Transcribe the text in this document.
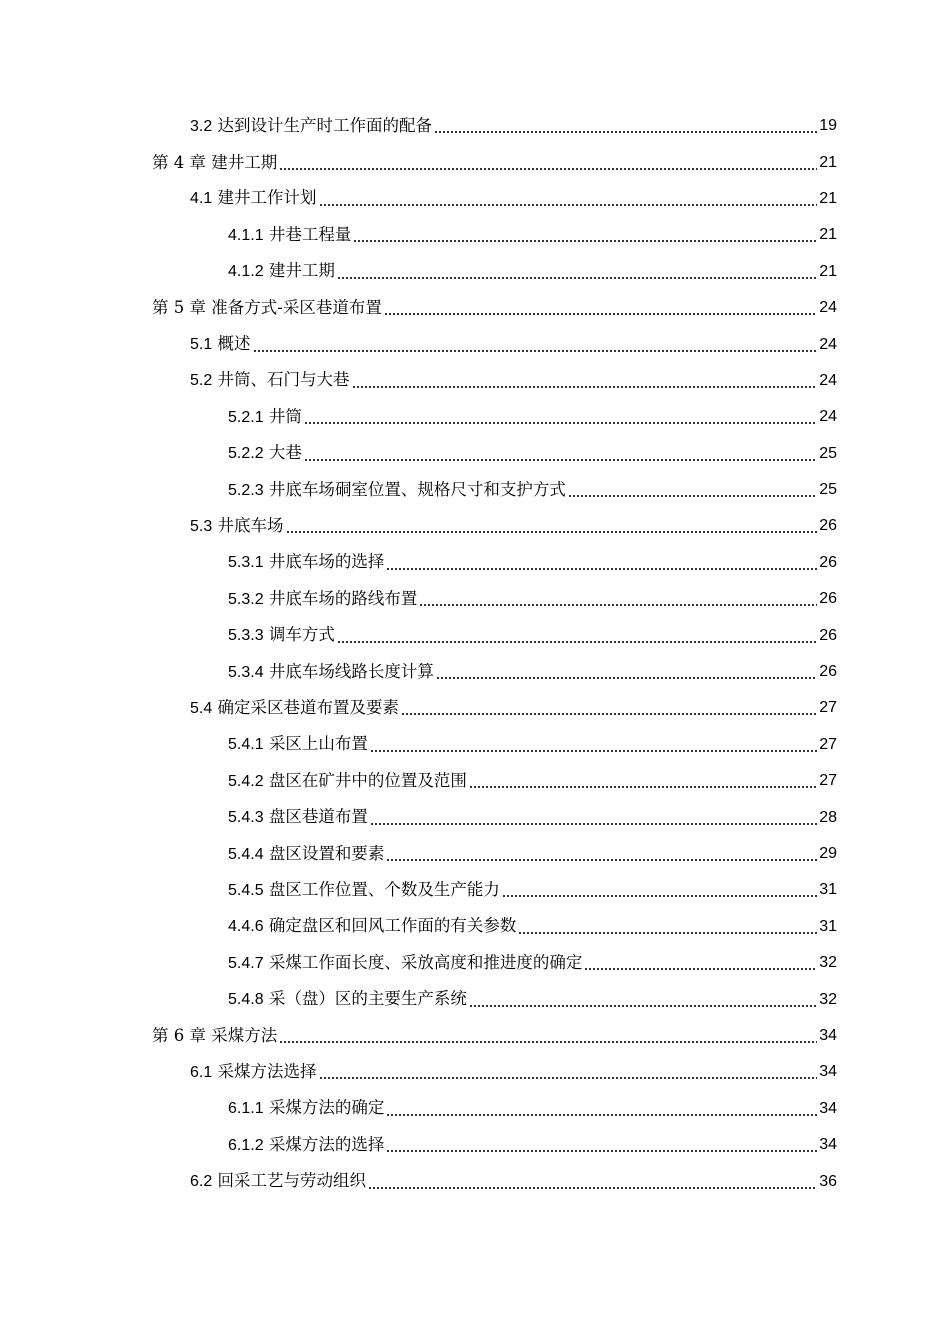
3.2 达到设计生产时工作面的配备	19
第 4 章 建井工期	21
4.1 建井工作计划	21
4.1.1 井巷工程量	21
4.1.2 建井工期	21
第 5 章 准备方式-采区巷道布置	24
5.1 概述	24
5.2 井筒、石门与大巷	24
5.2.1 井筒	24
5.2.2 大巷	25
5.2.3 井底车场硐室位置、规格尺寸和支护方式	25
5.3 井底车场	26
5.3.1 井底车场的选择	26
5.3.2 井底车场的路线布置	26
5.3.3 调车方式	26
5.3.4 井底车场线路长度计算	26
5.4 确定采区巷道布置及要素	27
5.4.1 采区上山布置	27
5.4.2 盘区在矿井中的位置及范围	27
5.4.3 盘区巷道布置	28
5.4.4 盘区设置和要素	29
5.4.5 盘区工作位置、个数及生产能力	31
4.4.6 确定盘区和回风工作面的有关参数	31
5.4.7 采煤工作面长度、采放高度和推进度的确定	32
5.4.8 采（盘）区的主要生产系统	32
第 6 章 采煤方法	34
6.1 采煤方法选择	34
6.1.1 采煤方法的确定	34
6.1.2 采煤方法的选择	34
6.2 回采工艺与劳动组织	36
